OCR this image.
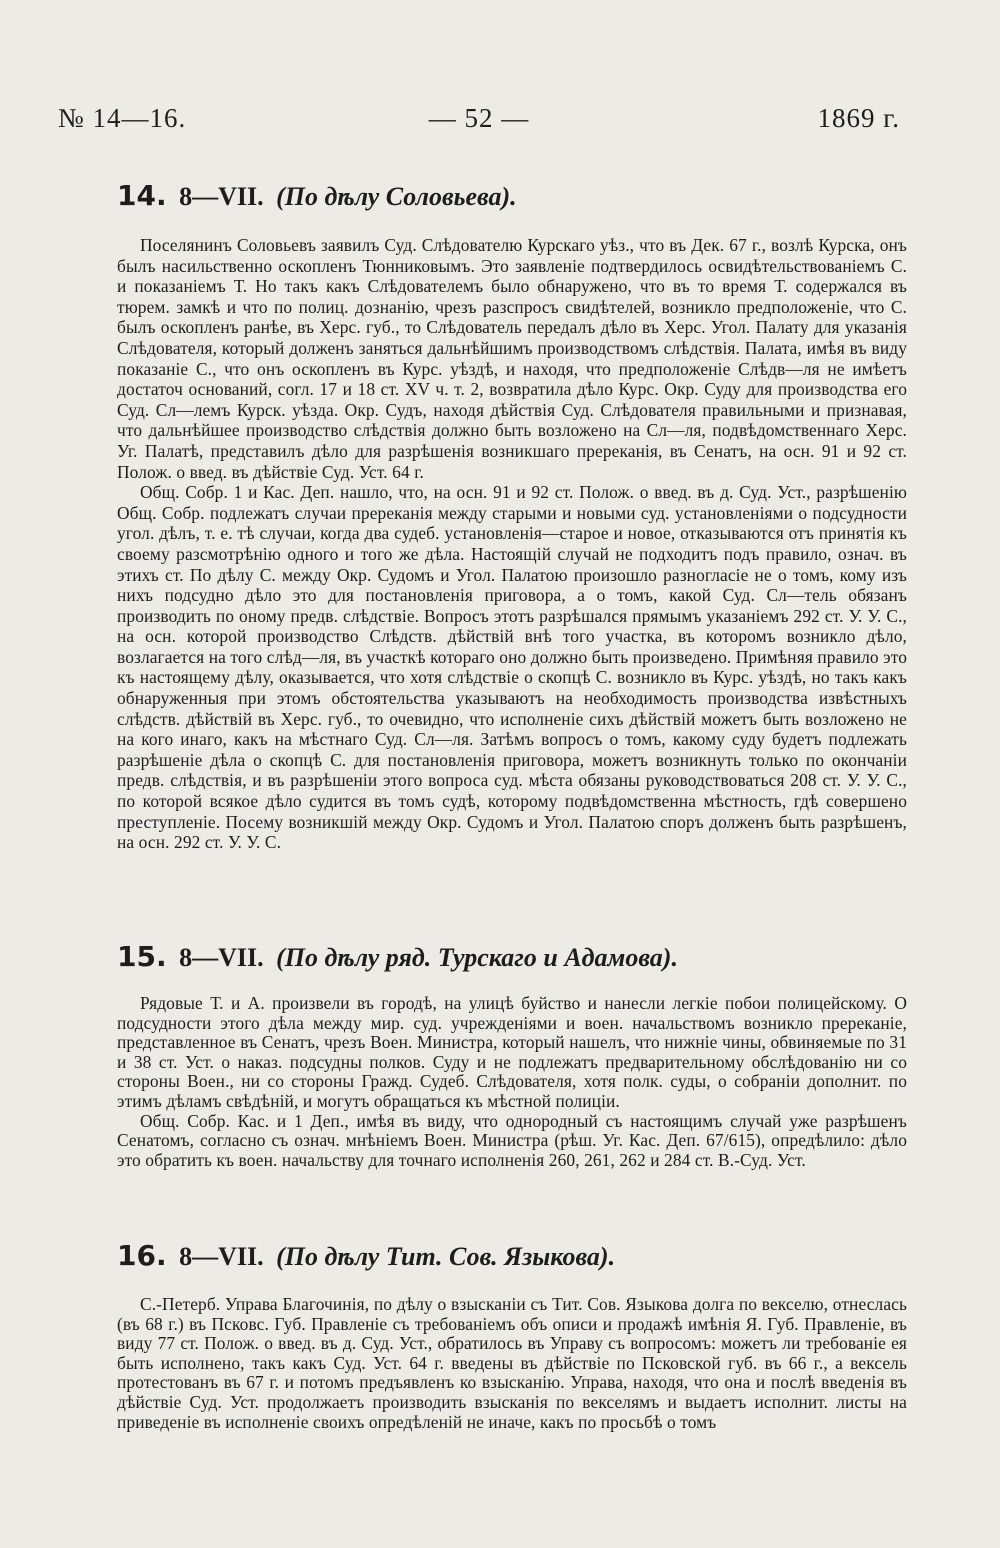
№ 14—16.	— 52 —	1869 г.
14. 8—VII. (По дѣлу Соловьева).

Поселянинъ Соловьевъ заявилъ Суд. Слѣдователю Курскаго уѣз., что въ Дек. 67 г., возлѣ Курска, онъ былъ насильственно оскопленъ Тюнниковымъ. Это заявленіе подтвердилось освидѣтельствованіемъ С. и показаніемъ Т. Но такъ какъ Слѣдователемъ было обнаружено, что въ то время Т. содержался въ тюрем. замкѣ и что по полиц. дознанію, чрезъ разспросъ свидѣтелей, возникло предположеніе, что С. былъ оскопленъ ранѣе, въ Херс. губ., то Слѣдователь передалъ дѣло въ Херс. Угол. Палату для указанія Слѣдователя, который долженъ заняться дальнѣйшимъ производствомъ слѣдствія. Палата, имѣя въ виду показаніе С., что онъ оскопленъ въ Курс. уѣздѣ, и находя, что предположеніе Слѣдв—ля не имѣетъ достаточ оснований, согл. 17 и 18 ст. XV ч. т. 2, возвратила дѣло Курс. Окр. Суду для производства его Суд. Сл—лемъ Курск. уѣзда. Окр. Судъ, находя дѣйствія Суд. Слѣдователя правильными и признавая, что дальнѣйшее производство слѣдствія должно быть возложено на Сл—ля, подвѣдомственнаго Херс. Уг. Палатѣ, представилъ дѣло для разрѣшенія возникшаго пререканія, въ Сенатъ, на осн. 91 и 92 ст. Полож. о введ. въ дѣйствіе Суд. Уст. 64 г.

Общ. Собр. 1 и Кас. Деп. нашло, что, на осн. 91 и 92 ст. Полож. о введ. въ д. Суд. Уст., разрѣшенію Общ. Собр. подлежатъ случаи пререканія между старыми и новыми суд. установленіями о подсудности угол. дѣлъ, т. е. тѣ случаи, когда два судеб. установленія—старое и новое, отказываются отъ принятія къ своему разсмотрѣнію одного и того же дѣла. Настоящій случай не подходитъ подъ правило, означ. въ этихъ ст. По дѣлу С. между Окр. Судомъ и Угол. Палатою произошло разногласіе не о томъ, кому изъ нихъ подсудно дѣло это для постановленія приговора, а о томъ, какой Суд. Сл—тель обязанъ производить по оному предв. слѣдствіе. Вопросъ этотъ разрѣшался прямымъ указаніемъ 292 ст. У. У. С., на осн. которой производство Слѣдств. дѣйствій внѣ того участка, въ которомъ возникло дѣло, возлагается на того слѣд—ля, въ участкѣ котораго оно должно быть произведено. Примѣняя правило это къ настоящему дѣлу, оказывается, что хотя слѣдствіе о скопцѣ С. возникло въ Курс. уѣздѣ, но такъ какъ обнаруженныя при этомъ обстоятельства указываютъ на необходимость производства извѣстныхъ слѣдств. дѣйствій въ Херс. губ., то очевидно, что исполненіе сихъ дѣйствій можетъ быть возложено не на кого инаго, какъ на мѣстнаго Суд. Сл—ля. Затѣмъ вопросъ о томъ, какому суду будетъ подлежать разрѣшеніе дѣла о скопцѣ С. для постановленія приговора, можетъ возникнуть только по окончаніи предв. слѣдствія, и въ разрѣшеніи этого вопроса суд. мѣста обязаны руководствоваться 208 ст. У. У. С., по которой всякое дѣло судится въ томъ судѣ, которому подвѣдомственна мѣстность, гдѣ совершено преступленіе. Посему возникшій между Окр. Судомъ и Угол. Палатою споръ долженъ быть разрѣшенъ, на осн. 292 ст. У. У. С.

15. 8—VII. (По дѣлу ряд. Турскаго и Адамова).

Рядовые Т. и А. произвели въ городѣ, на улицѣ буйство и нанесли легкіе побои полицейскому. О подсудности этого дѣла между мир. суд. учрежденіями и воен. начальствомъ возникло пререканіе, представленное въ Сенатъ, чрезъ Воен. Министра, который нашелъ, что нижніе чины, обвиняемые по 31 и 38 ст. Уст. о наказ. подсудны полков. Суду и не подлежатъ предварительному обслѣдованію ни со стороны Воен., ни со стороны Гражд. Судеб. Слѣдователя, хотя полк. суды, о собраніи дополнит. по этимъ дѣламъ свѣдѣній, и могутъ обращаться къ мѣстной полиціи.

Общ. Собр. Кас. и 1 Деп., имѣя въ виду, что однородный съ настоящимъ случай уже разрѣшенъ Сенатомъ, согласно съ означ. мнѣніемъ Воен. Министра (рѣш. Уг. Кас. Деп. 67/615), опредѣлило: дѣло это обратить къ воен. начальству для точнаго исполненія 260, 261, 262 и 284 ст. В.-Суд. Уст.

16. 8—VII. (По дѣлу Тит. Сов. Языкова).

С.-Петерб. Управа Благочинія, по дѣлу о взысканіи съ Тит. Сов. Языкова долга по векселю, отнеслась (въ 68 г.) въ Псковс. Губ. Правленіе съ требованіемъ объ описи и продажѣ имѣнія Я. Губ. Правленіе, въ виду 77 ст. Полож. о введ. въ д. Суд. Уст., обратилось въ Управу съ вопросомъ: можетъ ли требованіе ея быть исполнено, такъ какъ Суд. Уст. 64 г. введены въ дѣйствіе по Псковской губ. въ 66 г., а вексель протестованъ въ 67 г. и потомъ предъявленъ ко взысканію. Управа, находя, что она и послѣ введенія въ дѣйствіе Суд. Уст. продолжаетъ производить взысканія по векселямъ и выдаетъ исполнит. листы на приведеніе въ исполненіе своихъ опредѣленій не иначе, какъ по просьбѣ о томъ
